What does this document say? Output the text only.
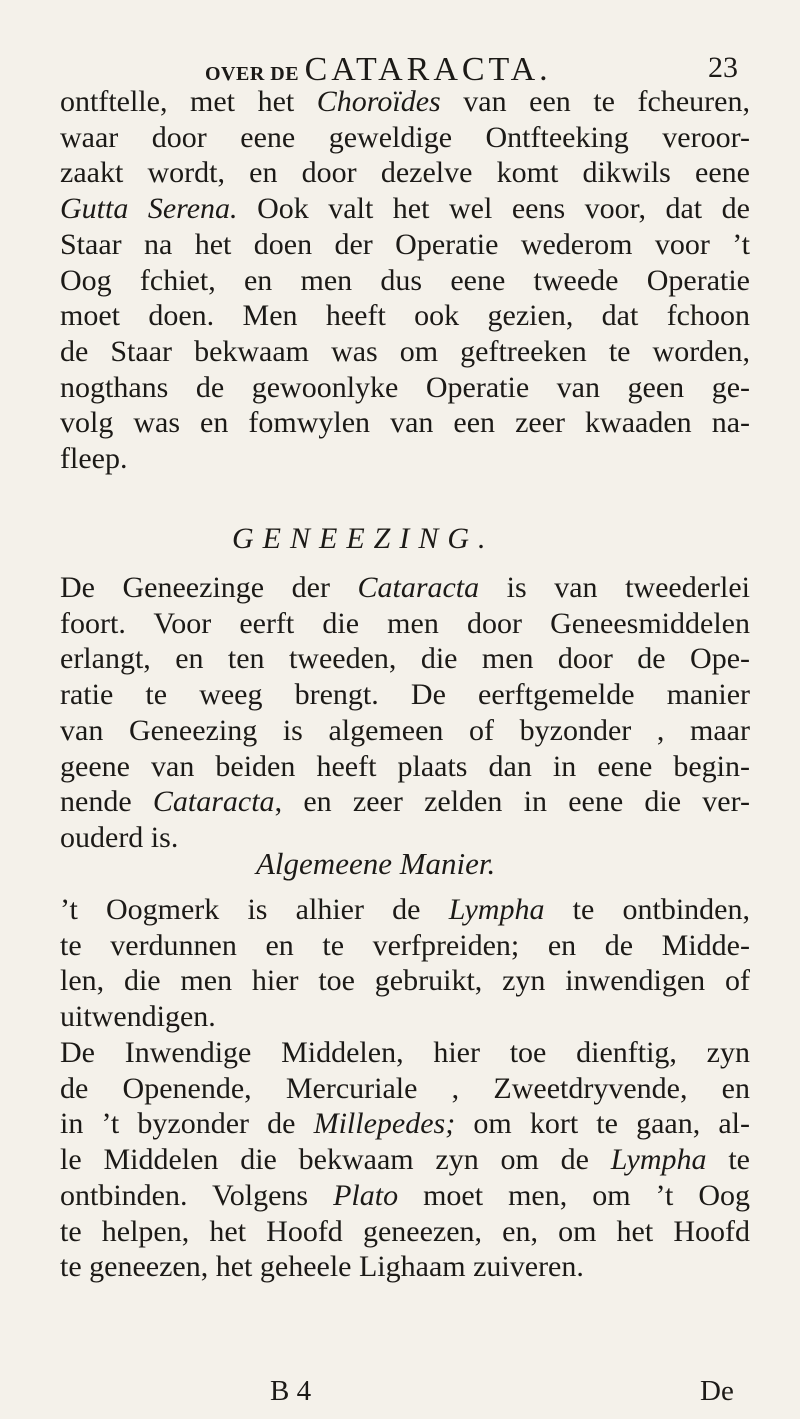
OVER DE CATARACTA.	23
ontftelle, met het Choroïdes van een te fcheuren,
waar door eene geweldige Ontfteeking veroor-
zaakt wordt, en door dezelve komt dikwils eene
Gutta Serena. Ook valt het wel eens voor, dat de
Staar na het doen der Operatie wederom voor ’t
Oog fchiet, en men dus eene tweede Operatie
moet doen. Men heeft ook gezien, dat fchoon
de Staar bekwaam was om geftreeken te worden,
nogthans de gewoonlyke Operatie van geen ge-
volg was en fomwylen van een zeer kwaaden na-
fleep.
GENEEZING.
De Geneezinge der Cataracta is van tweederlei
foort. Voor eerft die men door Geneesmiddelen
erlangt, en ten tweeden, die men door de Ope-
ratie te weeg brengt. De eerftgemelde manier
van Geneezing is algemeen of byzonder , maar
geene van beiden heeft plaats dan in eene begin-
nende Cataracta, en zeer zelden in eene die ver-
ouderd is.
Algemeene Manier.
’t Oogmerk is alhier de Lympha te ontbinden,
te verdunnen en te verfpreiden; en de Midde-
len, die men hier toe gebruikt, zyn inwendigen of
uitwendigen.
De Inwendige Middelen, hier toe dienftig, zyn
de Openende, Mercuriale , Zweetdryvende, en
in ’t byzonder de Millepedes; om kort te gaan, al-
le Middelen die bekwaam zyn om de Lympha te
ontbinden. Volgens Plato moet men, om ’t Oog
te helpen, het Hoofd geneezen, en, om het Hoofd
te geneezen, het geheele Lighaam zuiveren.
B 4	De
